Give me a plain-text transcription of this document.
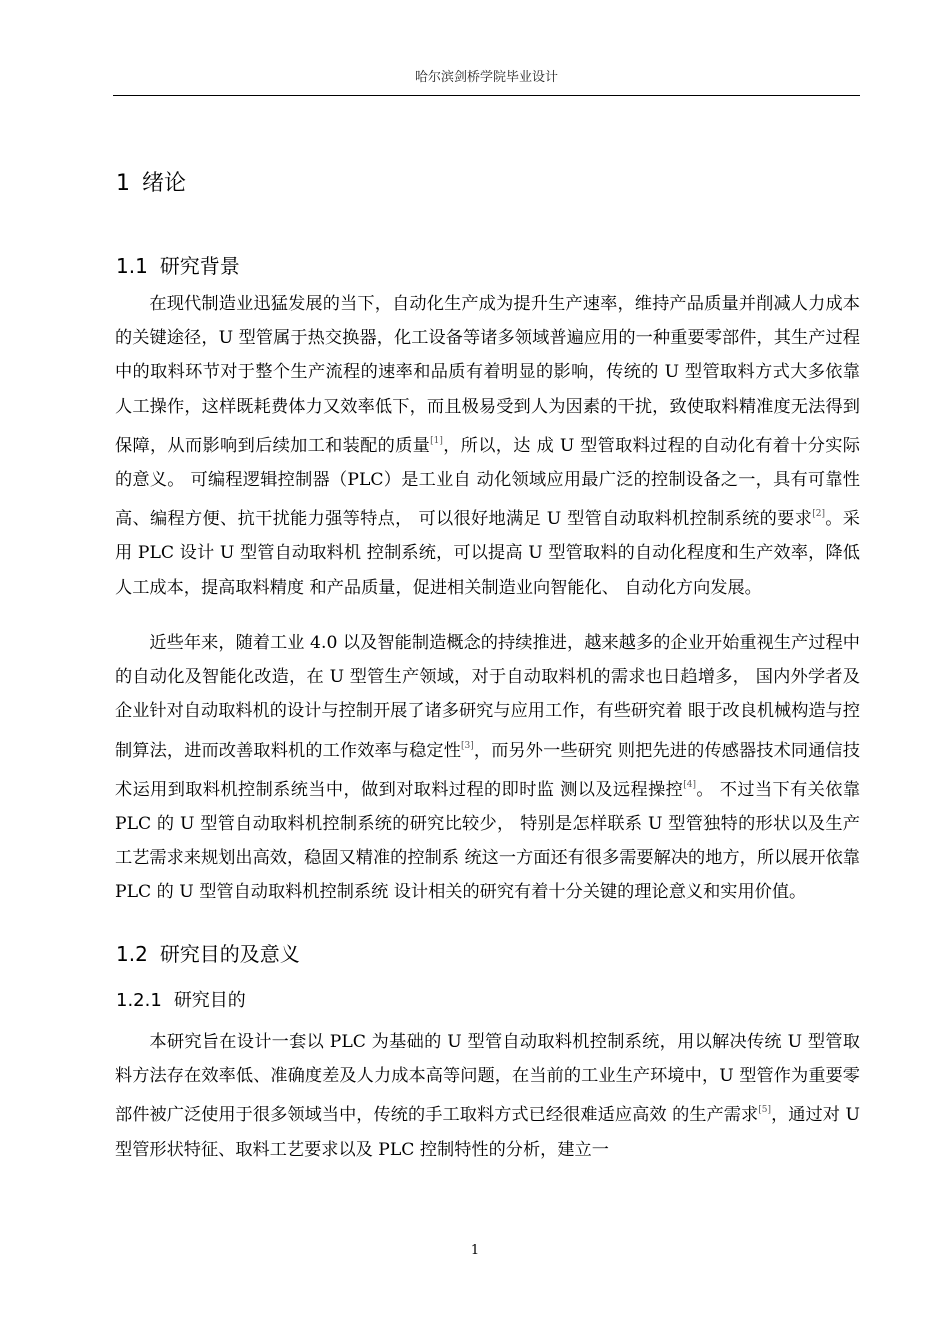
哈尔滨剑桥学院毕业设计
1 绪论
1.1 研究背景

在现代制造业迅猛发展的当下，自动化生产成为提升生产速率，维持产品质量并削减人力成本的关键途径，U 型管属于热交换器，化工设备等诸多领域普遍应用的一种重要零部件，其生产过程中的取料环节对于整个生产流程的速率和品质有着明显的影响，传统的 U 型管取料方式大多依靠人工操作，这样既耗费体力又效率低下，而且极易受到人为因素的干扰，致使取料精准度无法得到保障，从而影响到后续加工和装配的质量[1]，所以，达 成 U 型管取料过程的自动化有着十分实际的意义。 可编程逻辑控制器（PLC）是工业自 动化领域应用最广泛的控制设备之一，具有可靠性高、编程方便、抗干扰能力强等特点， 可以很好地满足 U 型管自动取料机控制系统的要求[2]。采用 PLC 设计 U 型管自动取料机 控制系统，可以提高 U 型管取料的自动化程度和生产效率，降低人工成本，提高取料精度 和产品质量，促进相关制造业向智能化、 自动化方向发展。

近些年来，随着工业 4.0 以及智能制造概念的持续推进，越来越多的企业开始重视生产过程中的自动化及智能化改造，在 U 型管生产领域，对于自动取料机的需求也日趋增多， 国内外学者及企业针对自动取料机的设计与控制开展了诸多研究与应用工作，有些研究着 眼于改良机械构造与控制算法，进而改善取料机的工作效率与稳定性[3]，而另外一些研究 则把先进的传感器技术同通信技术运用到取料机控制系统当中，做到对取料过程的即时监 测以及远程操控[4]。 不过当下有关依靠 PLC 的 U 型管自动取料机控制系统的研究比较少， 特别是怎样联系 U 型管独特的形状以及生产工艺需求来规划出高效，稳固又精准的控制系 统这一方面还有很多需要解决的地方，所以展开依靠 PLC 的 U 型管自动取料机控制系统 设计相关的研究有着十分关键的理论意义和实用价值。

1.2 研究目的及意义
1.2.1 研究目的

本研究旨在设计一套以 PLC 为基础的 U 型管自动取料机控制系统，用以解决传统 U 型管取料方法存在效率低、准确度差及人力成本高等问题，在当前的工业生产环境中，U 型管作为重要零部件被广泛使用于很多领域当中，传统的手工取料方式已经很难适应高效 的生产需求[5]，通过对 U 型管形状特征、取料工艺要求以及 PLC 控制特性的分析，建立一

1
